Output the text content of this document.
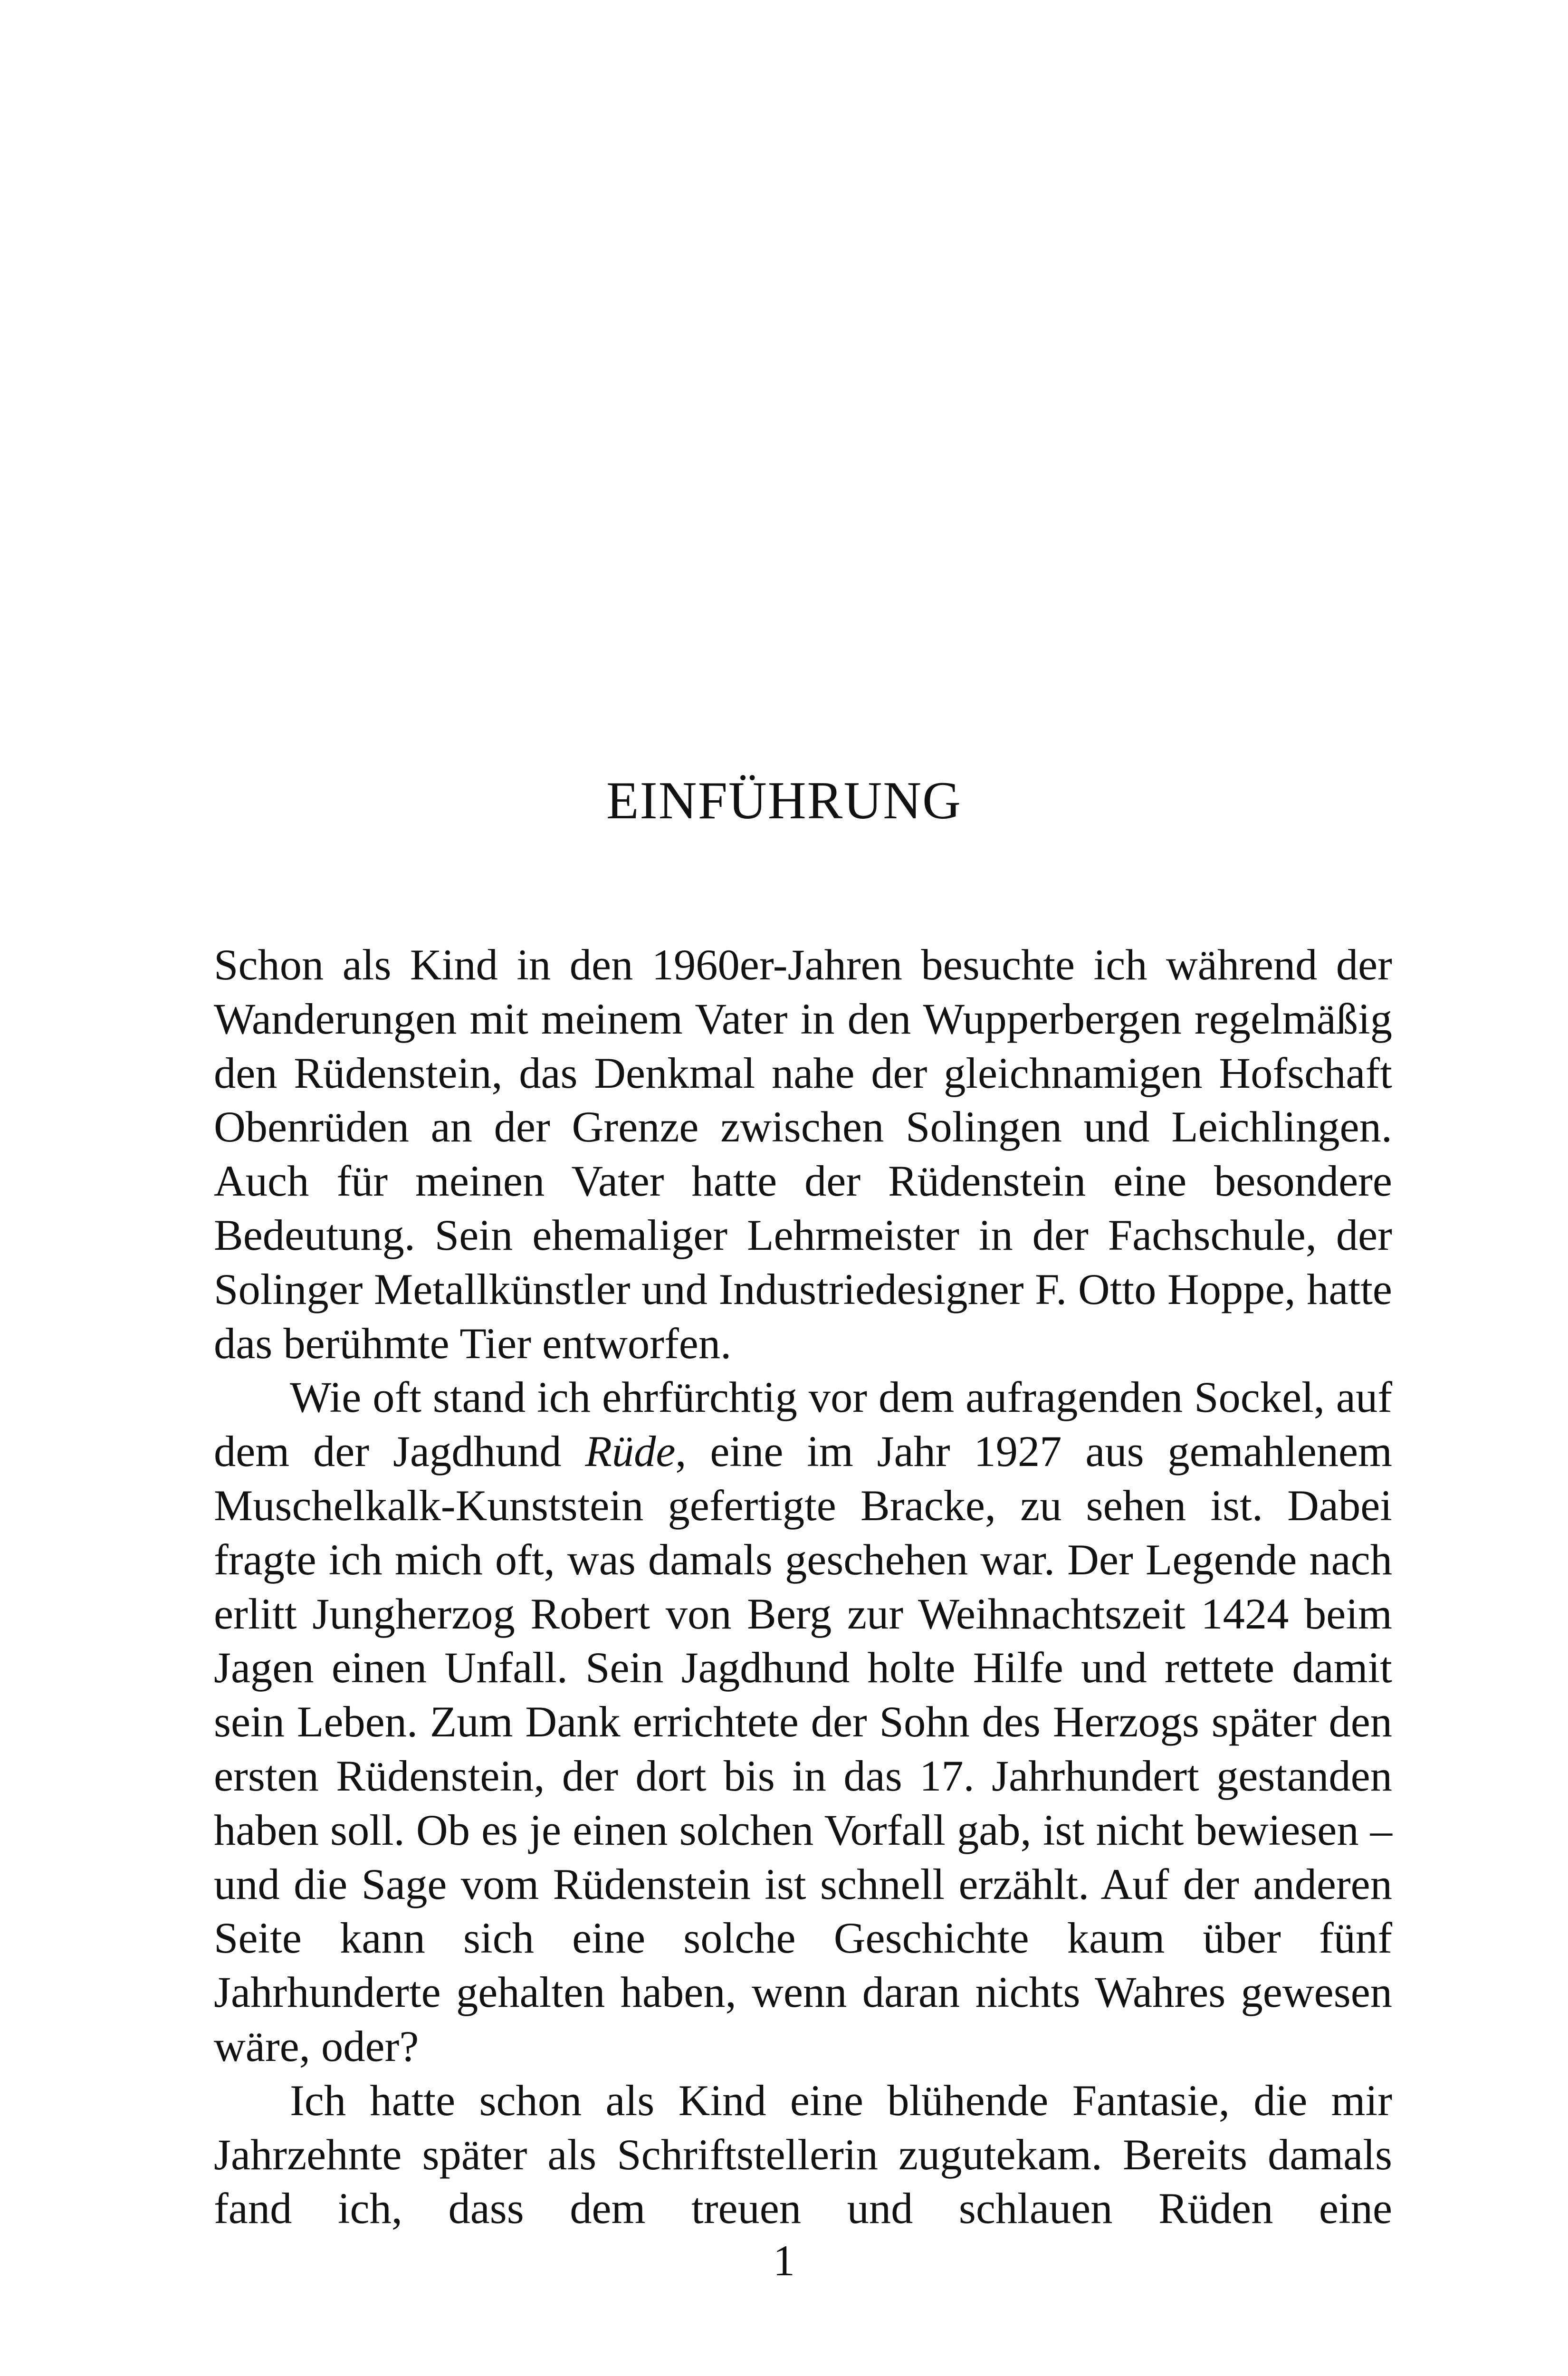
EINFÜHRUNG

Schon als Kind in den 1960er-Jahren besuchte ich während der Wanderungen mit meinem Vater in den Wupperbergen regelmäßig den Rüdenstein, das Denkmal nahe der gleichnamigen Hofschaft Obenrüden an der Grenze zwischen Solingen und Leichlingen. Auch für meinen Vater hatte der Rüdenstein eine besondere Bedeutung. Sein ehemaliger Lehrmeister in der Fachschule, der Solinger Metallkünstler und Industriedesigner F. Otto Hoppe, hatte das berühmte Tier entworfen.

Wie oft stand ich ehrfürchtig vor dem aufragenden Sockel, auf dem der Jagdhund Rüde, eine im Jahr 1927 aus gemahlenem Muschelkalk-Kunststein gefertigte Bracke, zu sehen ist. Dabei fragte ich mich oft, was damals geschehen war. Der Legende nach erlitt Jungherzog Robert von Berg zur Weihnachtszeit 1424 beim Jagen einen Unfall. Sein Jagdhund holte Hilfe und rettete damit sein Leben. Zum Dank errichtete der Sohn des Herzogs später den ersten Rüdenstein, der dort bis in das 17. Jahrhundert gestanden haben soll. Ob es je einen solchen Vorfall gab, ist nicht bewiesen – und die Sage vom Rüdenstein ist schnell erzählt. Auf der anderen Seite kann sich eine solche Geschichte kaum über fünf Jahrhunderte gehalten haben, wenn daran nichts Wahres gewesen wäre, oder?

Ich hatte schon als Kind eine blühende Fantasie, die mir Jahrzehnte später als Schriftstellerin zugutekam. Bereits damals fand ich, dass dem treuen und schlauen Rüden eine

1
